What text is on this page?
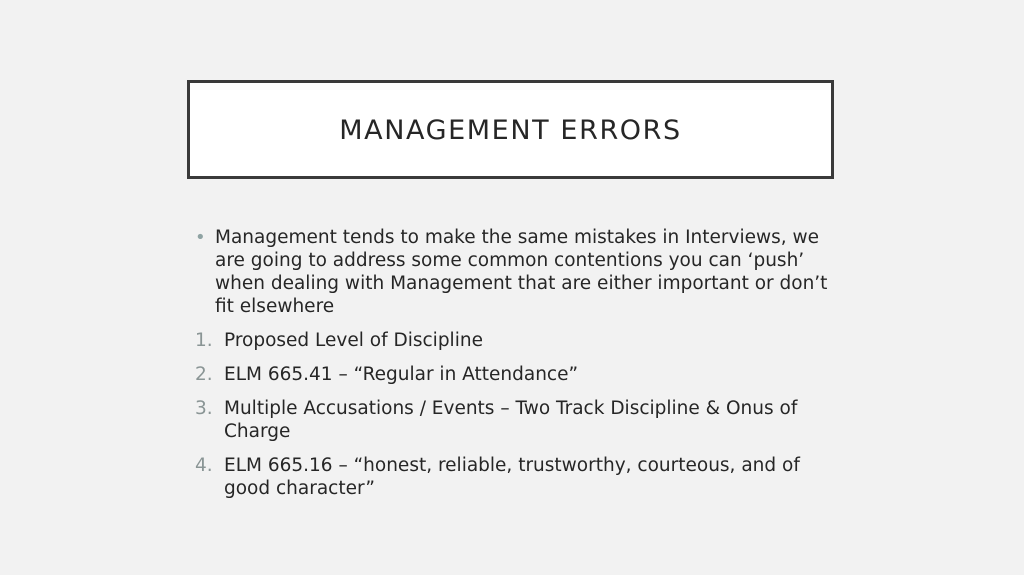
MANAGEMENT ERRORS
• Management tends to make the same mistakes in Interviews, we are going to address some common contentions you can ‘push’ when dealing with Management that are either important or don’t fit elsewhere
1. Proposed Level of Discipline
2. ELM 665.41 – “Regular in Attendance”
3. Multiple Accusations / Events – Two Track Discipline & Onus of Charge
4. ELM 665.16 – “honest, reliable, trustworthy, courteous, and of good character”
